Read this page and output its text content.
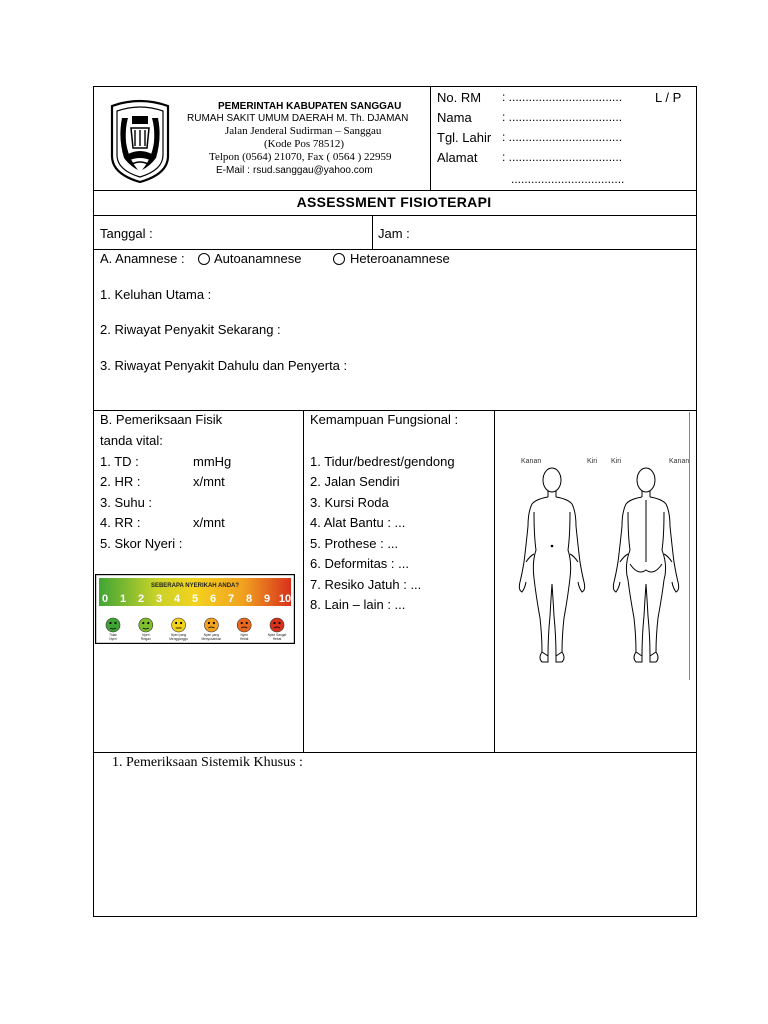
PEMERINTAH KABUPATEN SANGGAU
RUMAH SAKIT UMUM DAERAH M. Th. DJAMAN
Jalan Jenderal Sudirman – Sanggau
(Kode Pos 78512)
Telpon (0564) 21070, Fax ( 0564 ) 22959
E-Mail : rsud.sanggau@yahoo.com
No. RM : ..................................	L / P
Nama	: ..................................
Tgl. Lahir : ..................................
Alamat : ..................................
..................................
ASSESSMENT FISIOTERAPI
Tanggal :	Jam :
A. Anamnese : Autoanamnese	Heteroanamnese
1. Keluhan Utama :
2. Riwayat Penyakit Sekarang :
3. Riwayat Penyakit Dahulu dan Penyerta :
B. Pemeriksaan Fisik
tanda vital:
1. TD :	mmHg
2. HR :	x/mnt
3. Suhu :
4. RR :	x/mnt
5. Skor Nyeri :
SEBERAPA NYERIKAH ANDA?
0 1 2 3 4 5 6 7 8 9 10
Tidak
Nyeri
Nyeri
Ringan
Nyeri yang
Mengganggu
Nyeri yang
Menyusahkan
Nyeri
Hebat
Nyeri Sangat
Hebat
Kemampuan Fungsional :
1. Tidur/bedrest/gendong
2. Jalan Sendiri
3. Kursi Roda
4. Alat Bantu : ...
5. Prothese : ...
6. Deformitas : ...
7. Resiko Jatuh : ...
8. Lain – lain : ...
Kanan	Kiri Kiri	Kanan
1. Pemeriksaan Sistemik Khusus :
